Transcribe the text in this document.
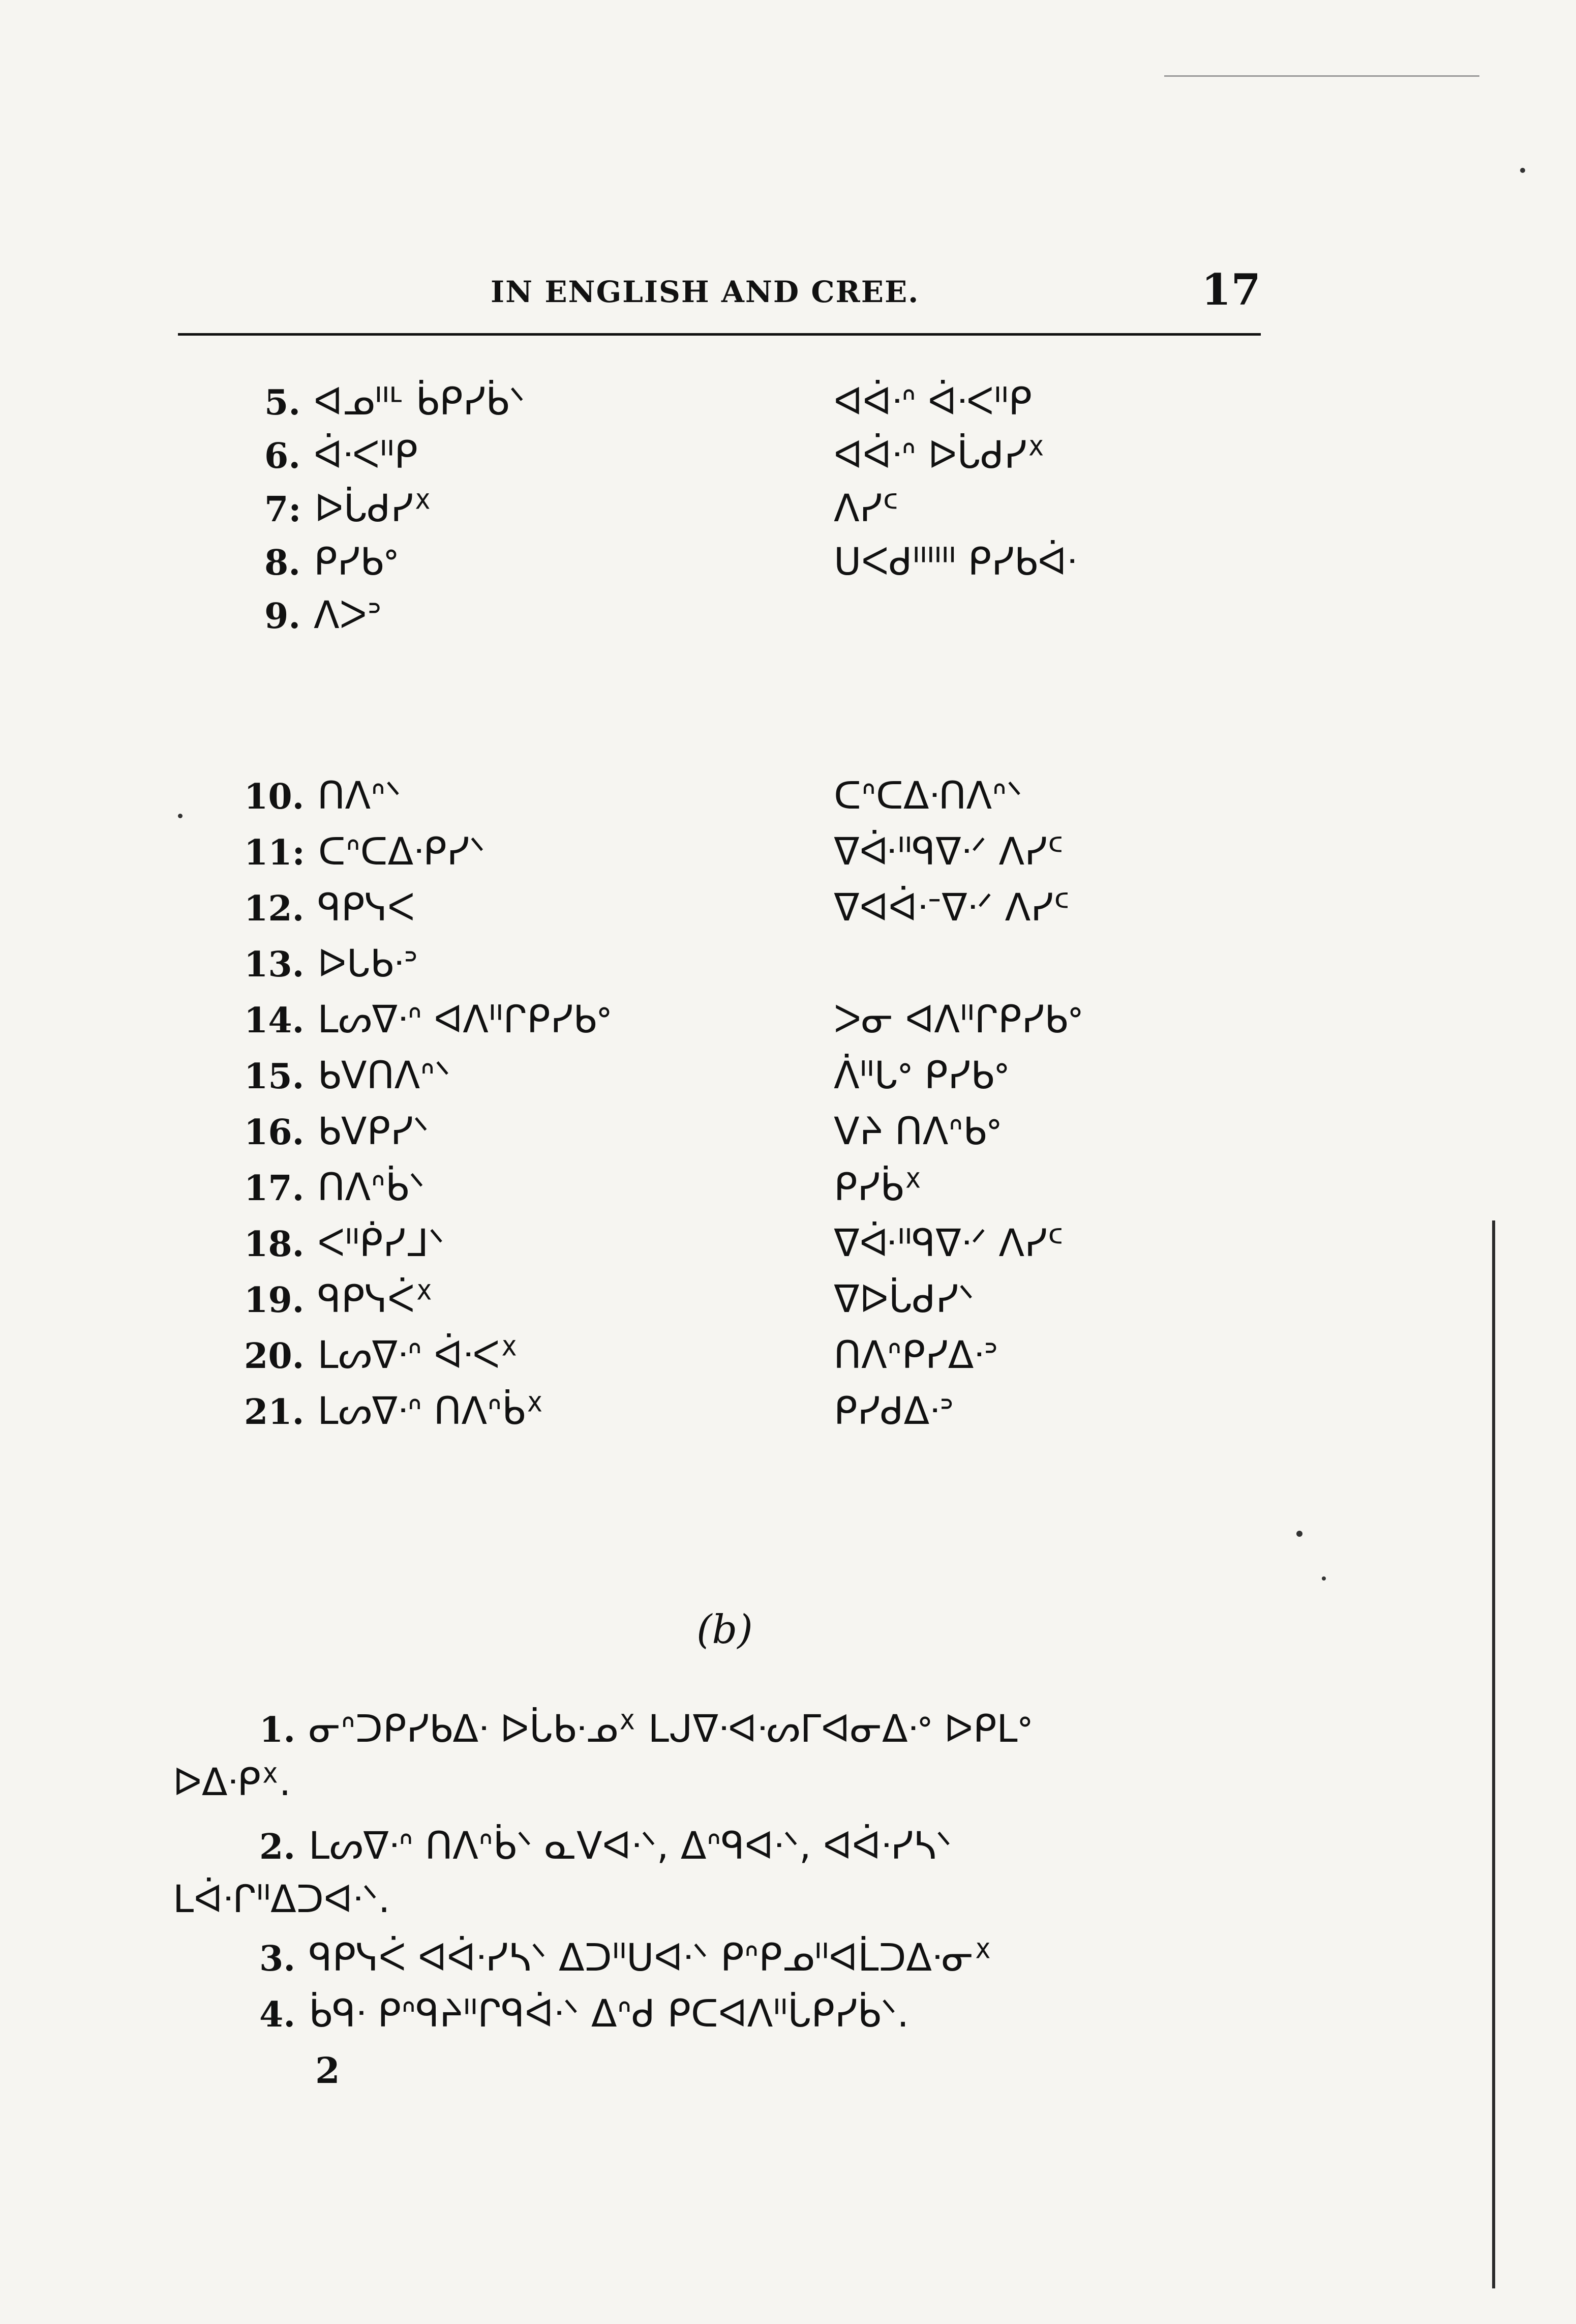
IN ENGLISH AND CREE.	17
5. ᐊᓄᐦᒻ ᑳᑭᓯᑳᐠ	ᐊᐋᐧᐢ ᐋᐧᐸᐦᑭ
6. ᐋᐧᐸᐦᑭ	ᐊᐋᐧᐢ ᐅᒑᑯᓯᕽ
7: ᐅᒑᑯᓯᕽ	ᐱᓯᑦ
8. ᑭᓯᑲᐤ	ᑌᐸᑯᐦᐦᐦ ᑭᓯᑲᐋᐧ
9. ᐱᐳᐣ
10. ᑎᐱᐢᐠ	ᑕᐢᑕᐃᐧᑎᐱᐢᐠ
11: ᑕᐢᑕᐃᐧᑭᓯᐠ	ᐁᐚᐦᑫᐁᐧᐟ ᐱᓯᑦ
12. ᑫᑭᓭᐸ	ᐁᐊᐋᐧᐨᐁᐧᐟ ᐱᓯᑦ
13. ᐅᒐᑲᐧᐣ
14. ᒪᔕᐁᐧᐢ ᐊᐱᐦᒋᑭᓯᑲᐤ	ᐳᓂ ᐊᐱᐦᒋᑭᓯᑲᐤ
15. ᑲᐯᑎᐱᐢᐠ	ᐲᐦᒐᐤ ᑭᓯᑲᐤ
16. ᑲᐯᑭᓯᐠ	ᐯᔨ ᑎᐱᐢᑲᐤ
17. ᑎᐱᐢᑳᐠ	ᑭᓯᑳᕽ
18. ᐸᐦᑮᓯᒧᐠ	ᐁᐚᐦᑫᐁᐧᐟ ᐱᓯᑦ
19. ᑫᑭᓭᐹᕽ	ᐁᐅᒑᑯᓯᐠ
20. ᒪᔕᐁᐧᐢ ᐋᐧᐸᕽ	ᑎᐱᐢᑭᓯᐃᐧᐣ
21. ᒪᔕᐁᐧᐢ ᑎᐱᐢᑳᕽ	ᑭᓯᑯᐃᐧᐣ
(b)
1. ᓂᐢᑐᑭᓯᑲᐃᐧ ᐅᒑᑲᐧᓄᕽ ᒪᒍᐁᐧᐊᐧᔕᒥᐊᓂᐃᐧᐤ ᐅᑭᒪᐤ
ᐅᐃᐧᑭᕽ.
2. ᒪᔕᐁᐧᐢ ᑎᐱᐢᑳᐠ ᓇᐯᐊᐧᐠ, ᐃᐢᑫᐊᐧᐠ, ᐊᐋᐧᓯᓴᐠ
ᒪᐋᐧᒋᐦᐃᑐᐊᐧᐠ.
3. ᑫᑭᓭᐹ ᐊᐋᐧᓯᓴᐠ ᐃᑐᐦᑌᐊᐧᐠ ᑭᐢᑭᓄᐦᐊᒫᑐᐃᐧᓂᕽ
4. ᑳᑫᐧ ᑭᐢᑫᔨᐦᒋᑫᐋᐧᐠ ᐃᐢᑯ ᑭᑕᐊᐱᐦᒑᑭᓯᑳᐠ.
2
